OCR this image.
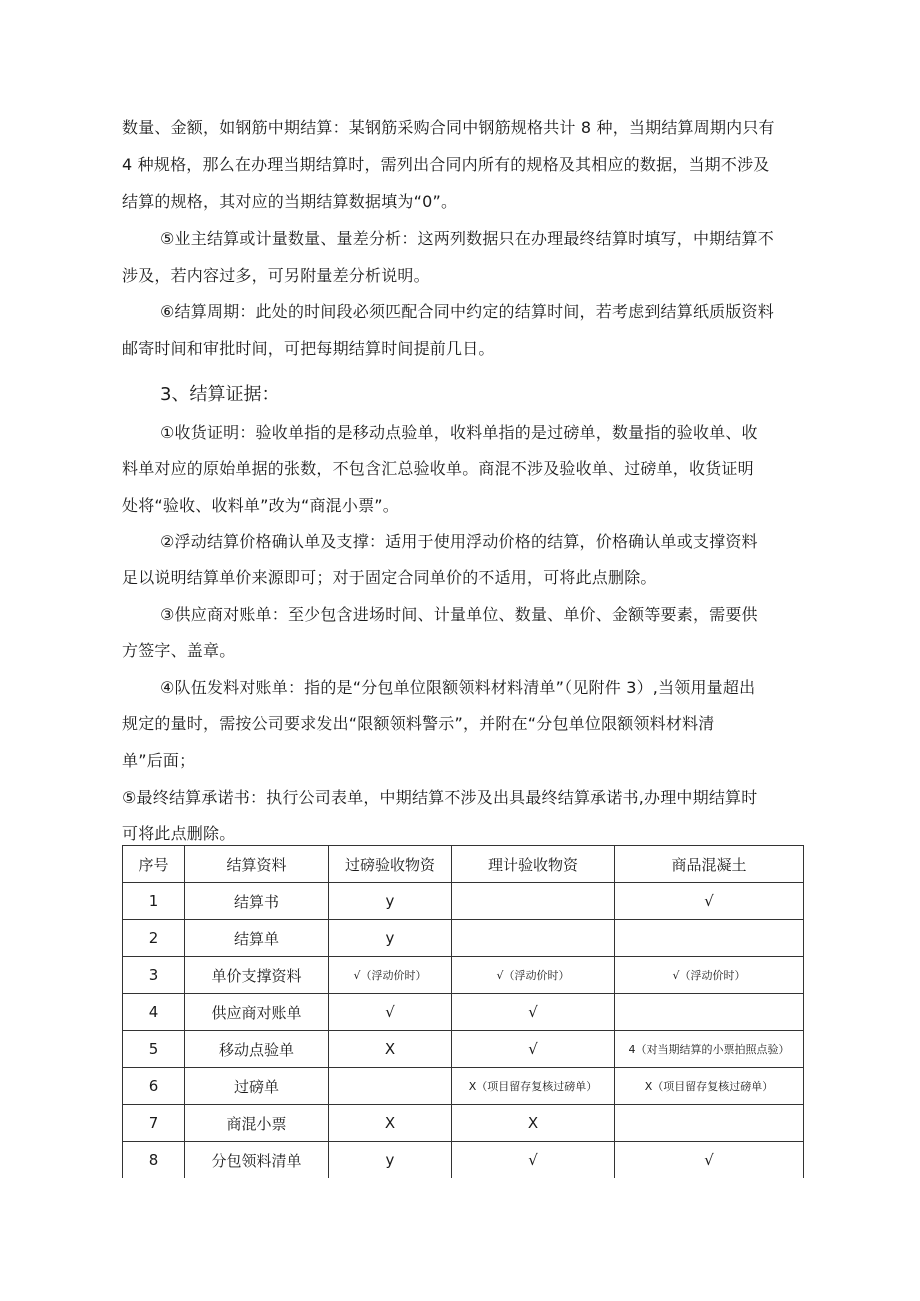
数量、金额，如钢筋中期结算：某钢筋采购合同中钢筋规格共计 8 种，当期结算周期内只有
4 种规格，那么在办理当期结算时，需列出合同内所有的规格及其相应的数据，当期不涉及
结算的规格，其对应的当期结算数据填为“0”。
⑤业主结算或计量数量、量差分析：这两列数据只在办理最终结算时填写，中期结算不
涉及，若内容过多，可另附量差分析说明。
⑥结算周期：此处的时间段必须匹配合同中约定的结算时间，若考虑到结算纸质版资料
邮寄时间和审批时间，可把每期结算时间提前几日。
3、结算证据：
①收货证明：验收单指的是移动点验单，收料单指的是过磅单，数量指的验收单、收
料单对应的原始单据的张数，不包含汇总验收单。商混不涉及验收单、过磅单，收货证明
处将“验收、收料单”改为“商混小票”。
②浮动结算价格确认单及支撑：适用于使用浮动价格的结算，价格确认单或支撑资料
足以说明结算单价来源即可；对于固定合同单价的不适用，可将此点删除。
③供应商对账单：至少包含进场时间、计量单位、数量、单价、金额等要素，需要供
方签字、盖章。
④队伍发料对账单：指的是“分包单位限额领料材料清单”（见附件 3）,当领用量超出
规定的量时，需按公司要求发出“限额领料警示”，并附在“分包单位限额领料材料清
单”后面；
⑤最终结算承诺书：执行公司表单，中期结算不涉及出具最终结算承诺书,办理中期结算时
可将此点删除。
序号	结算资料	过磅验收物资	理计验收物资	商品混凝土
1	结算书	y		√
2	结算单	y		
3	单价支撑资料	√（浮动价时）	√（浮动价时）	√（浮动价时）
4	供应商对账单	√	√	
5	移动点验单	X	√	4（对当期结算的小票拍照点验）
6	过磅单		X（项目留存复核过磅单）	X（项目留存复核过磅单）
7	商混小票	X	X	
8	分包领料清单	y	√	√
